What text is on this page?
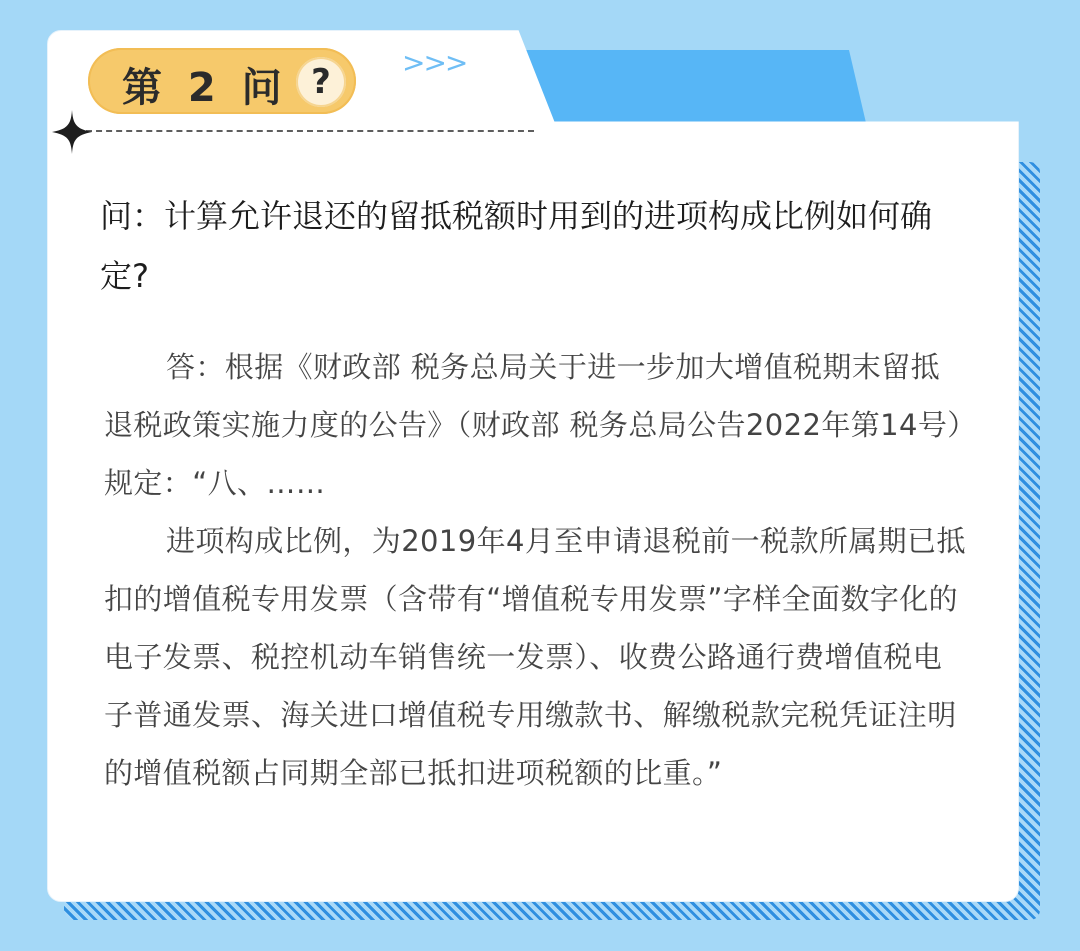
>>>
第 2 问 ?
问：计算允许退还的留抵税额时用到的进项构成比例如何确定?
答：根据《财政部 税务总局关于进一步加大增值税期末留抵退税政策实施力度的公告》（财政部 税务总局公告2022年第14号）规定：“八、……
进项构成比例，为2019年4月至申请退税前一税款所属期已抵扣的增值税专用发票（含带有“增值税专用发票”字样全面数字化的电子发票、税控机动车销售统一发票）、收费公路通行费增值税电子普通发票、海关进口增值税专用缴款书、解缴税款完税凭证注明的增值税额占同期全部已抵扣进项税额的比重。”
